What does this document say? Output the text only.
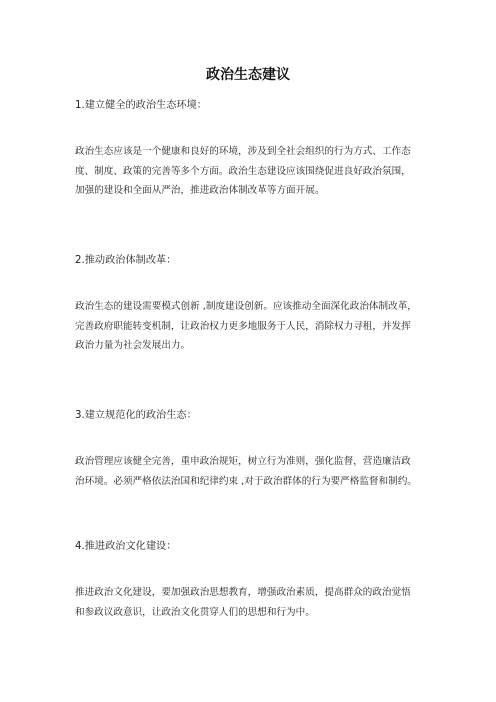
政治生态建议
1.建立健全的政治生态环境：
政治生态应该是一个健康和良好的环境，涉及到全社会组织的行为方式、工作态
度、制度、政策的完善等多个方面。政治生态建设应该围绕促进良好政治氛围，
加强的建设和全面从严治，推进政治体制改革等方面开展。
2.推动政治体制改革：
政治生态的建设需要模式创新 ,制度建设创新。应该推动全面深化政治体制改革，
完善政府职能转变机制，让政治权力更多地服务于人民，消除权力寻租，并发挥
政治力量为社会发展出力。
3.建立规范化的政治生态：
政治管理应该健全完善，重申政治规矩，树立行为准则，强化监督，营造廉洁政
治环境。必须严格依法治国和纪律约束 ,对于政治群体的行为要严格监督和制约。
4.推进政治文化建设：
推进政治文化建设，要加强政治思想教育，增强政治素质，提高群众的政治觉悟
和参政议政意识，让政治文化贯穿人们的思想和行为中。
